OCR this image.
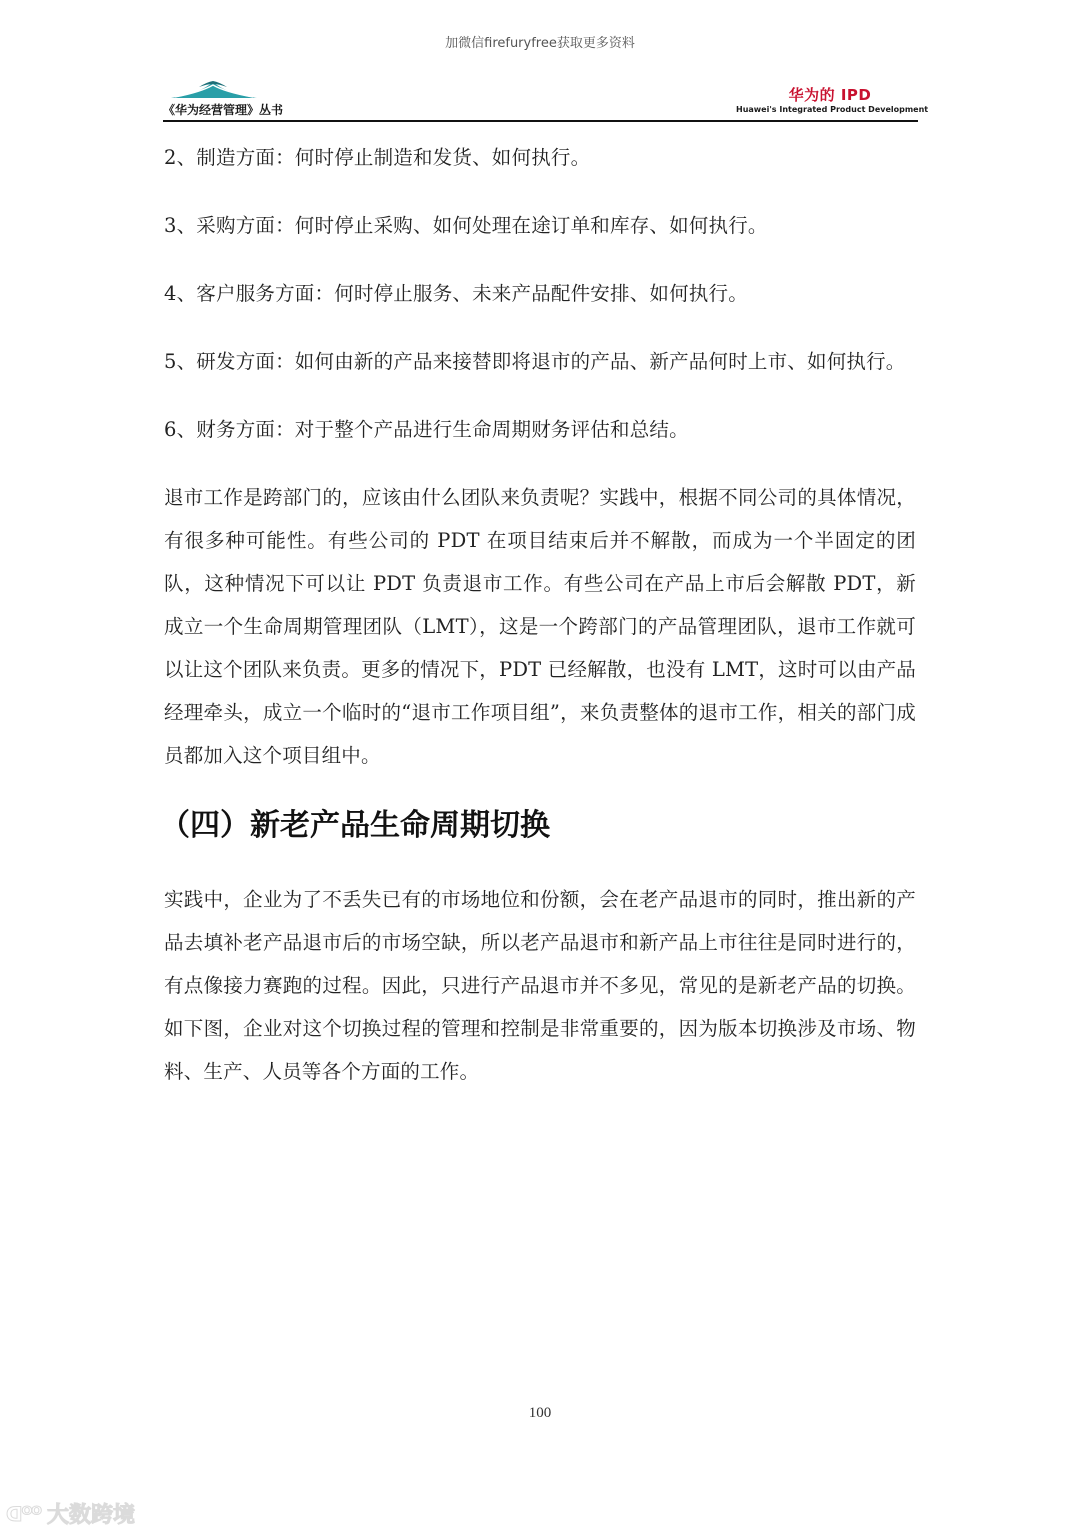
加微信firefuryfree获取更多资料
《华为经营管理》丛书
华为的 IPD
Huawei's Integrated Product Development

2、制造方面：何时停止制造和发货、如何执行。

3、采购方面：何时停止采购、如何处理在途订单和库存、如何执行。

4、客户服务方面：何时停止服务、未来产品配件安排、如何执行。

5、研发方面：如何由新的产品来接替即将退市的产品、新产品何时上市、如何执行。

6、财务方面：对于整个产品进行生命周期财务评估和总结。

退市工作是跨部门的，应该由什么团队来负责呢？实践中，根据不同公司的具体情况，有很多种可能性。有些公司的 PDT 在项目结束后并不解散，而成为一个半固定的团队，这种情况下可以让 PDT 负责退市工作。有些公司在产品上市后会解散 PDT，新成立一个生命周期管理团队（LMT），这是一个跨部门的产品管理团队，退市工作就可以让这个团队来负责。更多的情况下，PDT 已经解散，也没有 LMT，这时可以由产品经理牵头，成立一个临时的“退市工作项目组”，来负责整体的退市工作，相关的部门成员都加入这个项目组中。

（四）新老产品生命周期切换

实践中，企业为了不丢失已有的市场地位和份额，会在老产品退市的同时，推出新的产品去填补老产品退市后的市场空缺，所以老产品退市和新产品上市往往是同时进行的，有点像接力赛跑的过程。因此，只进行产品退市并不多见，常见的是新老产品的切换。如下图，企业对这个切换过程的管理和控制是非常重要的，因为版本切换涉及市场、物料、生产、人员等各个方面的工作。

100
ᗡᴼᴼ 大数跨境
